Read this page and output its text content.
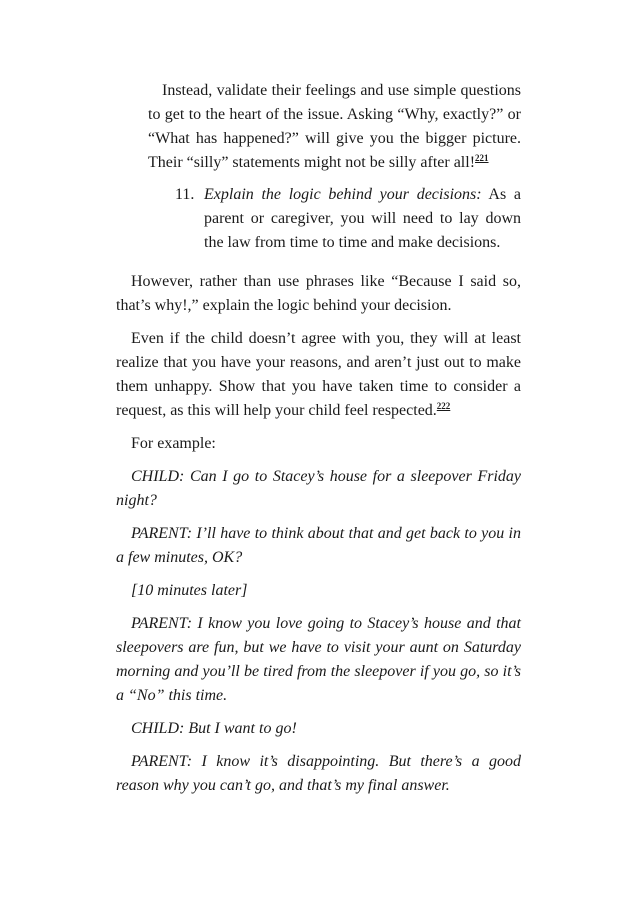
Instead, validate their feelings and use simple questions to get to the heart of the issue. Asking “Why, exactly?” or “What has happened?” will give you the bigger picture. Their “silly” statements might not be silly after all!$^{221}$

11. Explain the logic behind your decisions: As a parent or caregiver, you will need to lay down the law from time to time and make decisions.

However, rather than use phrases like “Because I said so, that’s why!,” explain the logic behind your decision.

Even if the child doesn’t agree with you, they will at least realize that you have your reasons, and aren’t just out to make them unhappy. Show that you have taken time to consider a request, as this will help your child feel respected.$^{222}$

For example:

CHILD: Can I go to Stacey’s house for a sleepover Friday night?

PARENT: I’ll have to think about that and get back to you in a few minutes, OK?

[10 minutes later]

PARENT: I know you love going to Stacey’s house and that sleepovers are fun, but we have to visit your aunt on Saturday morning and you’ll be tired from the sleepover if you go, so it’s a “No” this time.

CHILD: But I want to go!

PARENT: I know it’s disappointing. But there’s a good reason why you can’t go, and that’s my final answer.
